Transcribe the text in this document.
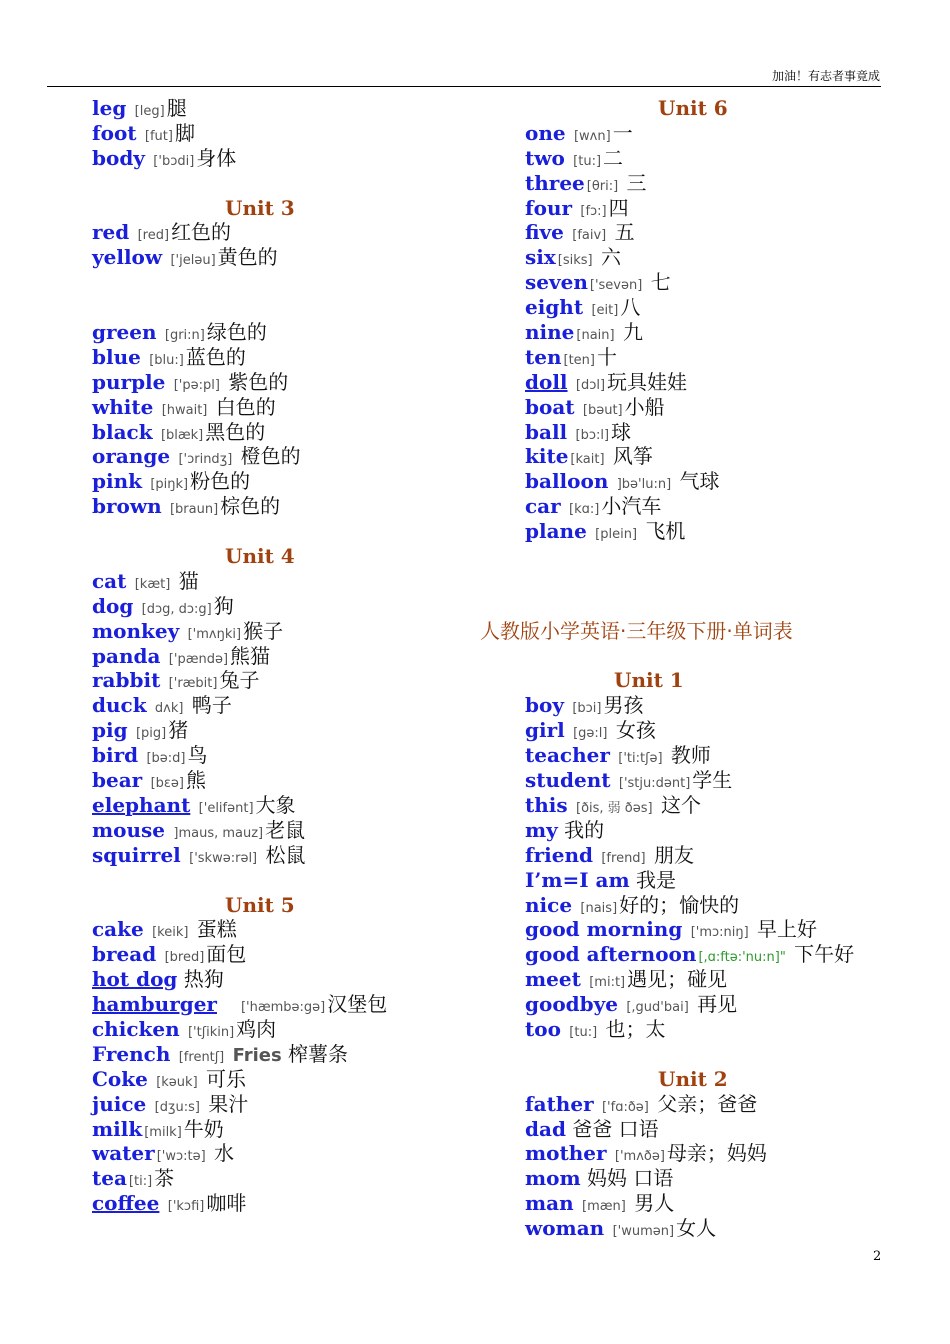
加油！有志者事竟成
leg [leg] 腿
foot [fut] 脚
body ['bɔdi] 身体
Unit 3
red [red] 红色的
yellow ['jeləu] 黄色的
green [gri:n] 绿色的
blue [blu:] 蓝色的
purple ['pə:pl] 紫色的
white [hwait] 白色的
black [blæk] 黑色的
orange ['ɔrindʒ] 橙色的
pink [piŋk] 粉色的
brown [braun] 棕色的
Unit 4
cat [kæt] 猫
dog [dɔg, dɔ:g] 狗
monkey ['mʌŋki] 猴子
panda ['pændə] 熊猫
rabbit ['ræbit] 兔子
duck dʌk] 鸭子
pig [pig] 猪
bird [bə:d] 鸟
bear [bεə] 熊
elephant ['elifənt] 大象
mouse ]maus, mauz] 老鼠
squirrel ['skwə:rəl] 松鼠
Unit 5
cake [keik] 蛋糕
bread [bred] 面包
hot dog 热狗
hamburger ['hæmbə:gə] 汉堡包
chicken ['tʃikin] 鸡肉
French [frentʃ] Fries 榨薯条
Coke [kəuk] 可乐
juice [dʒu:s] 果汁
milk [milk] 牛奶
water ['wɔ:tə] 水
tea [ti:] 茶
coffee ['kɔfi] 咖啡
Unit 6
one [wʌn] 一
two [tu:] 二
three [θri:] 三
four [fɔ:] 四
five [faiv] 五
six [siks] 六
seven ['sevən] 七
eight [eit] 八
nine [nain] 九
ten [ten] 十
doll [dɔl] 玩具娃娃
boat [bəut] 小船
ball [bɔ:l] 球
kite [kait] 风筝
balloon ]bə'lu:n] 气球
car [kɑ:] 小汽车
plane [plein] 飞机
人教版小学英语·三年级下册·单词表
Unit 1
boy [bɔi] 男孩
girl [gə:l] 女孩
teacher ['ti:tʃə] 教师
student ['stju:dənt] 学生
this [ðis, 弱 ðəs] 这个
my 我的
friend [frend] 朋友
I’m=I am 我是
nice [nais] 好的；愉快的
good morning ['mɔ:niŋ] 早上好
good afternoon [,ɑ:ftə:'nu:n]" 下午好
meet [mi:t] 遇见；碰见
goodbye [,gud'bai] 再见
too [tu:] 也；太
Unit 2
father ['fɑ:ðə] 父亲；爸爸
dad 爸爸 口语
mother ['mʌðə] 母亲；妈妈
mom 妈妈 口语
man [mæn] 男人
woman ['wumən] 女人
2
